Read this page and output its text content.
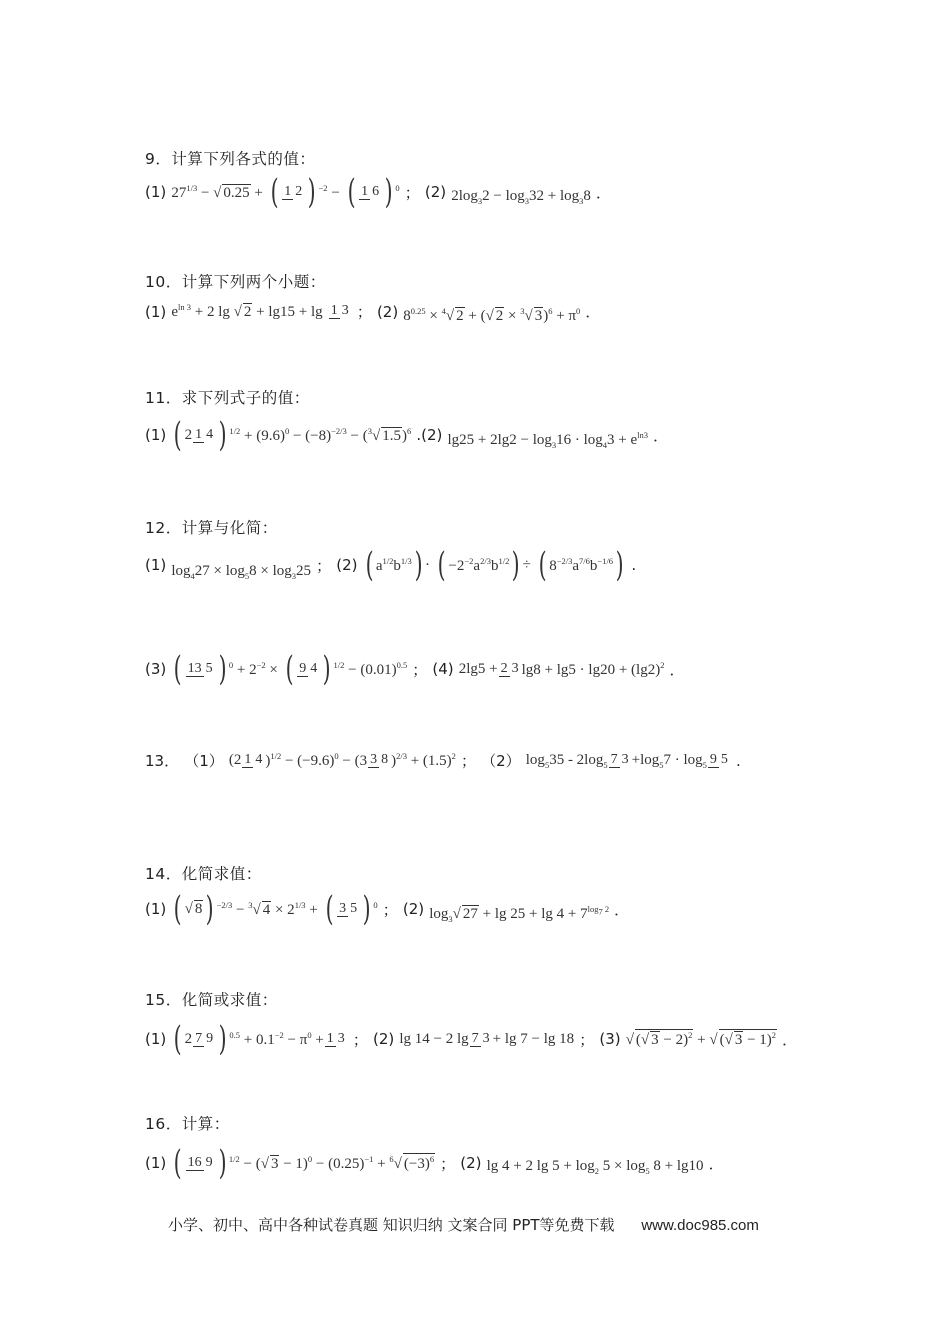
9．计算下列各式的值：
(1) $27^{1/3}$ − √ 0.25 + ( 1 2 ) $^{-2}$ − ( 1 6 ) $^0$ ； (2) $2\log_32 - \log_332 + \log_38$ ．
10．计算下列两个小题：
(1) $e^{ln 3} + 2$ lg √ 2 + lg15 + lg 1 3 ； (2) $8^{0.25} \times ^4√$ 2 + (√ 2 × $^3$√ $3)^6 + \pi^0$ ．
11．求下列式子的值：
(1) ( 2 1 4 ) $^{1/2} + (9.6)^0 - (-8)^{-2/3} - (^3√$ 1.5)$^6$ .(2) $\lg 25 + 2\lg 2 - \log_316 \cdot \log_43 + e^{ln3}$ ．
12．计算与化简：
(1) $\log_427 \times \log_58 \times \log_325$ ； (2) ( $a^{1/2}b^{1/3}$) · ( $-2^{-2}a^{2/3}b^{1/2}$) ÷ ( $8^{-2/3}a^{7/6}b^{-1/6}$) .
(3) ( 13 5 ) $^0 + 2^{-2}$ × ( 9 4 ) $^{1/2} - (0.01)^{0.5}$ ； (4) 2lg5 +2 3 $\lg 8 + \lg 5 \cdot \lg 20 + (\lg 2)^2$ ．
13． （1） (2 1 4 )$^{1/2} - (-9.6)^0 - (3$ 3 8 )$^{2/3} + (1.5)^2$ ； （2） $\log_535 - 2\log_5$ 7 $3 +\log_57 \cdot \log_5 9$ 5 .
14．化简求值：
(1) ( √ 8 ) $^{-2/3}$ − $^3$√ $4 \times 2^{1/3}$ + ( 3 5 ) $^0$ ； (2) $\log_3√$ $27 + \lg 25 + \lg 4 + 7^{log_7 2}$ ．
15．化简或求值：
(1) ( 2 7 9 ) $^{0.5} + 0.1^{-2} - \pi^0 +1$ 3 ； (2) lg 14 − 2 lg 7 3 + lg 7 − lg 18 ； (3) √ (√ 3 − 2)$^2$ + √ (√ 3 − 1)$^2$ ．
16．计算：
(1) ( 16 9 ) $^{1/2}$ − (√ $3 - 1)^0 - (0.25)^{-1} + ^6√$ $(-3)^6$ ； (2) lg 4 + 2 $\lg 5 + \log_2 5 \times \log_5 8 + \lg 10$ ．
小学、初中、高中各种试卷真题 知识归纳 文案合同 PPT等免费下载 www.doc985.com
